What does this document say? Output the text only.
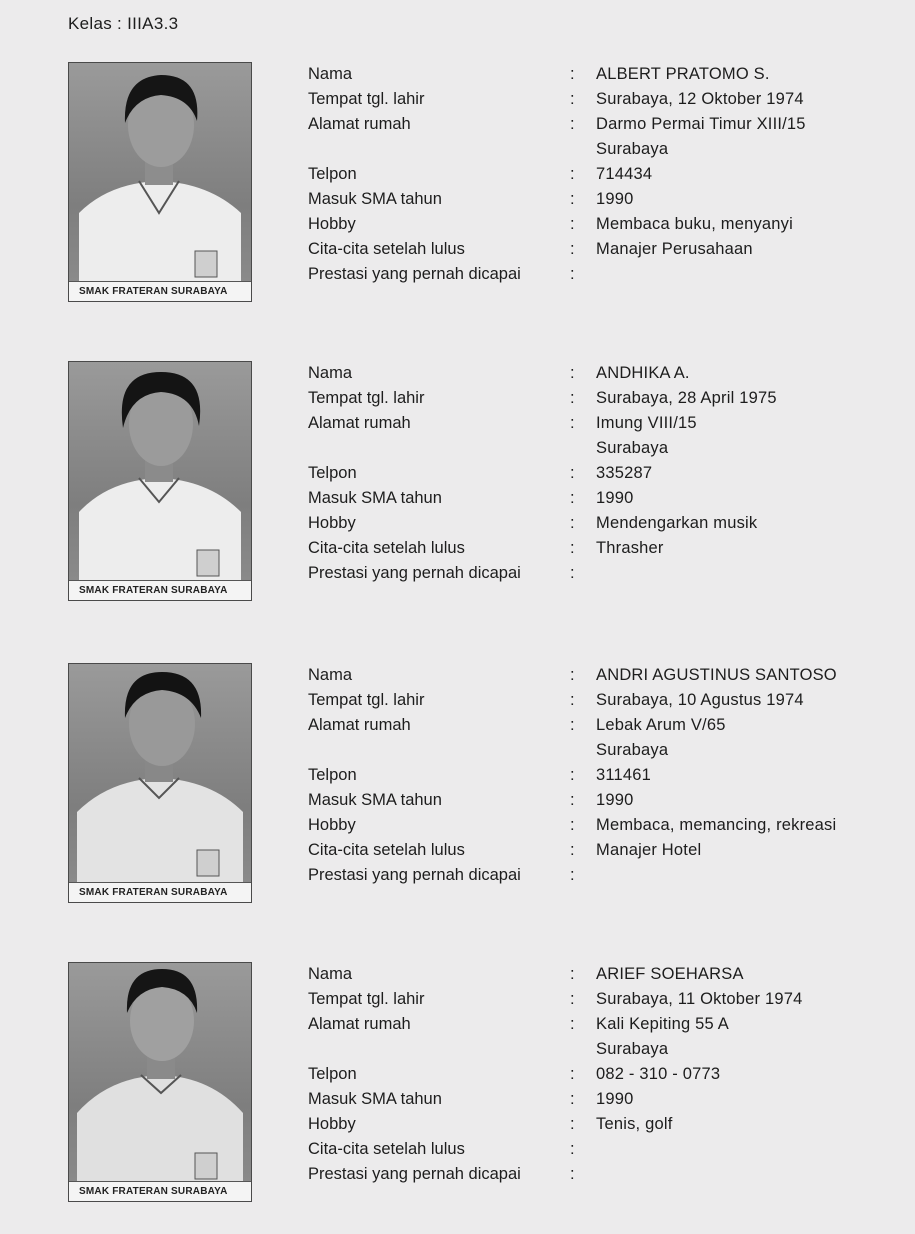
Kelas : IIIA3.3
SMAK FRATERAN SURABAYA
Nama	: ALBERT PRATOMO S.
Tempat tgl. lahir	: Surabaya, 12 Oktober 1974
Alamat rumah	: Darmo Permai Timur XIII/15
Surabaya
Telpon	: 714434
Masuk SMA tahun	: 1990
Hobby	: Membaca buku, menyanyi
Cita-cita setelah lulus	: Manajer Perusahaan
Prestasi yang pernah dicapai	:
SMAK FRATERAN SURABAYA
Nama	: ANDHIKA A.
Tempat tgl. lahir	: Surabaya, 28 April 1975
Alamat rumah	: Imung VIII/15
Surabaya
Telpon	: 335287
Masuk SMA tahun	: 1990
Hobby	: Mendengarkan musik
Cita-cita setelah lulus	: Thrasher
Prestasi yang pernah dicapai	:
SMAK FRATERAN SURABAYA
Nama	: ANDRI AGUSTINUS SANTOSO
Tempat tgl. lahir	: Surabaya, 10 Agustus 1974
Alamat rumah	: Lebak Arum V/65
Surabaya
Telpon	: 311461
Masuk SMA tahun	: 1990
Hobby	: Membaca, memancing, rekreasi
Cita-cita setelah lulus	: Manajer Hotel
Prestasi yang pernah dicapai	:
SMAK FRATERAN SURABAYA
Nama	: ARIEF SOEHARSA
Tempat tgl. lahir	: Surabaya, 11 Oktober 1974
Alamat rumah	: Kali Kepiting 55 A
Surabaya
Telpon	: 082 - 310 - 0773
Masuk SMA tahun	: 1990
Hobby	: Tenis, golf
Cita-cita setelah lulus	:
Prestasi yang pernah dicapai	:
